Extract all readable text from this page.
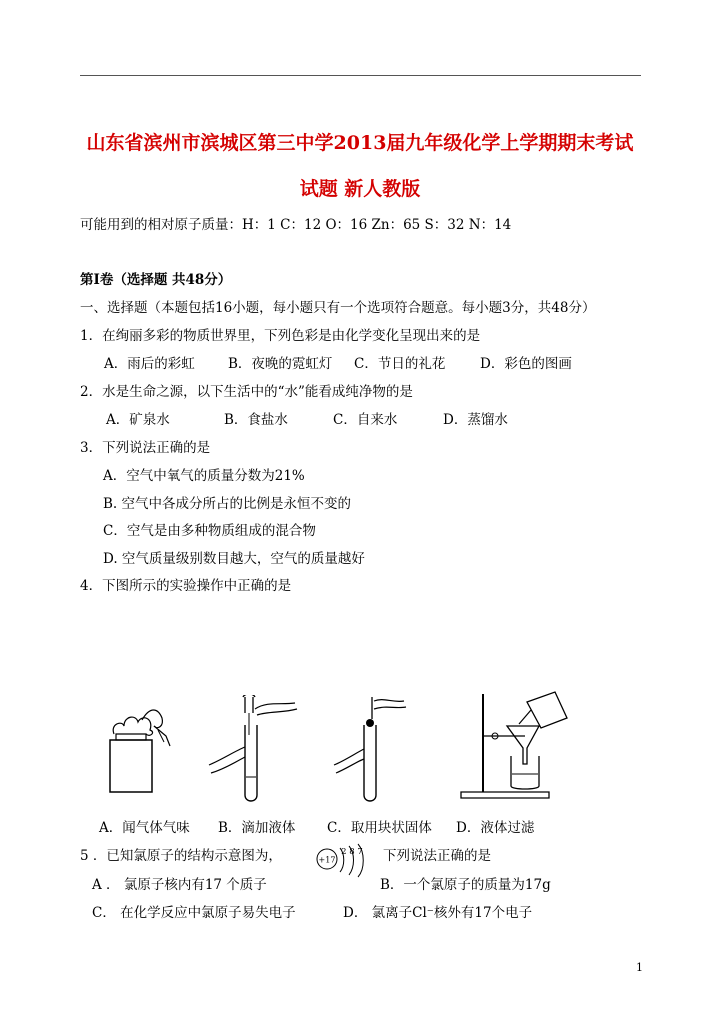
山东省滨州市滨城区第三中学2013届九年级化学上学期期末考试
试题 新人教版
可能用到的相对原子质量：H：1 C：12 O：16 Zn：65 S：32 N：14
第Ⅰ卷（选择题 共48分）
一、选择题（本题包括16小题，每小题只有一个选项符合题意。每小题3分，共48分）
1．在绚丽多彩的物质世界里，下列色彩是由化学变化呈现出来的是
A．雨后的彩虹 B．夜晚的霓虹灯 C．节日的礼花	D．彩色的图画
2．水是生命之源，以下生活中的“水”能看成纯净物的是
A．矿泉水	B．食盐水	C．自来水	D．蒸馏水
3．下列说法正确的是
A．空气中氧气的质量分数为21%
B. 空气中各成分所占的比例是永恒不变的
C．空气是由多种物质组成的混合物
D. 空气质量级别数目越大，空气的质量越好
4．下图所示的实验操作中正确的是
A．闻气体气味 B．滴加液体 C．取用块状固体 D．液体过滤
5 ．已知氯原子的结构示意图为，	+17
2 8 7 下列说法正确的是
A ． 氯原子核内有17 个质子	B．一个氯原子的质量为17g
C． 在化学反应中氯原子易失电子	D． 氯离子Cl⁻核外有17个电子
1
